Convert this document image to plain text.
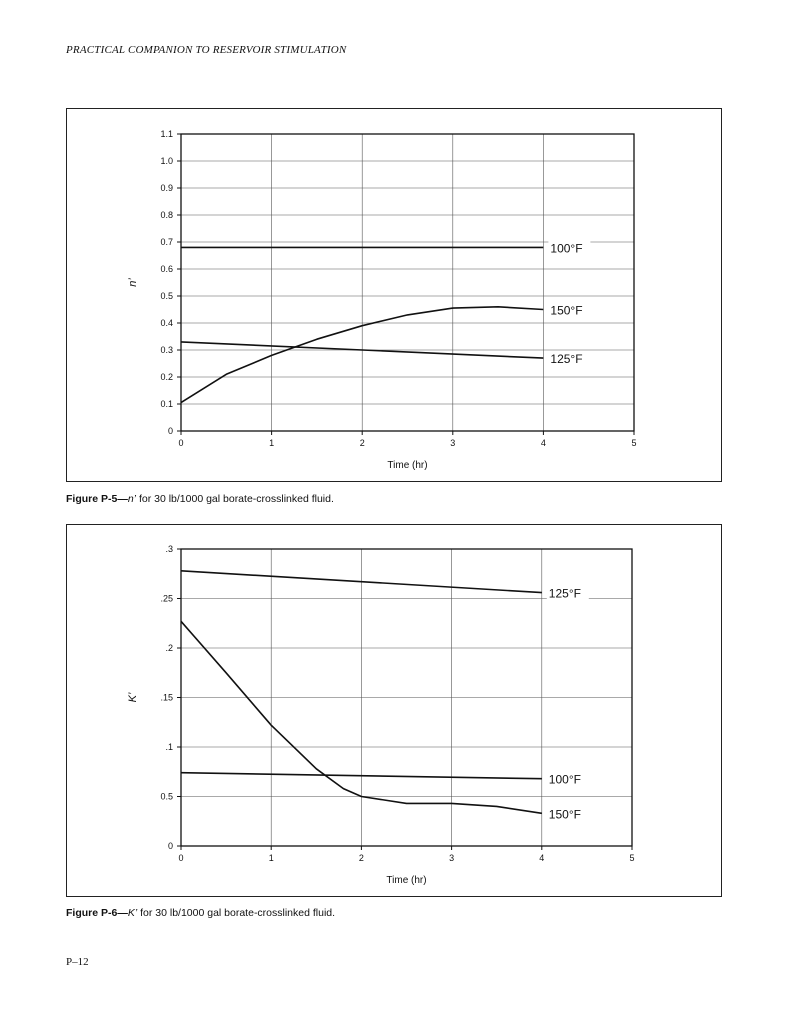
PRACTICAL COMPANION TO RESERVOIR STIMULATION
0
0.1
0.2
0.3
0.4
0.5
0.6
0.7
0.8
0.9
1.0
1.1
0	1	2	3	4	5
Time (hr)
n’
100°F
150°F
125°F
0
0.5
.1
.15
.2
.25
.3
0	1	2	3	4	5
Time (hr)
K’
125°F
100°F
150°F
Figure P-5—n’ for 30 lb/1000 gal borate-crosslinked fluid.
Figure P-6—K’ for 30 lb/1000 gal borate-crosslinked fluid.
P–12
